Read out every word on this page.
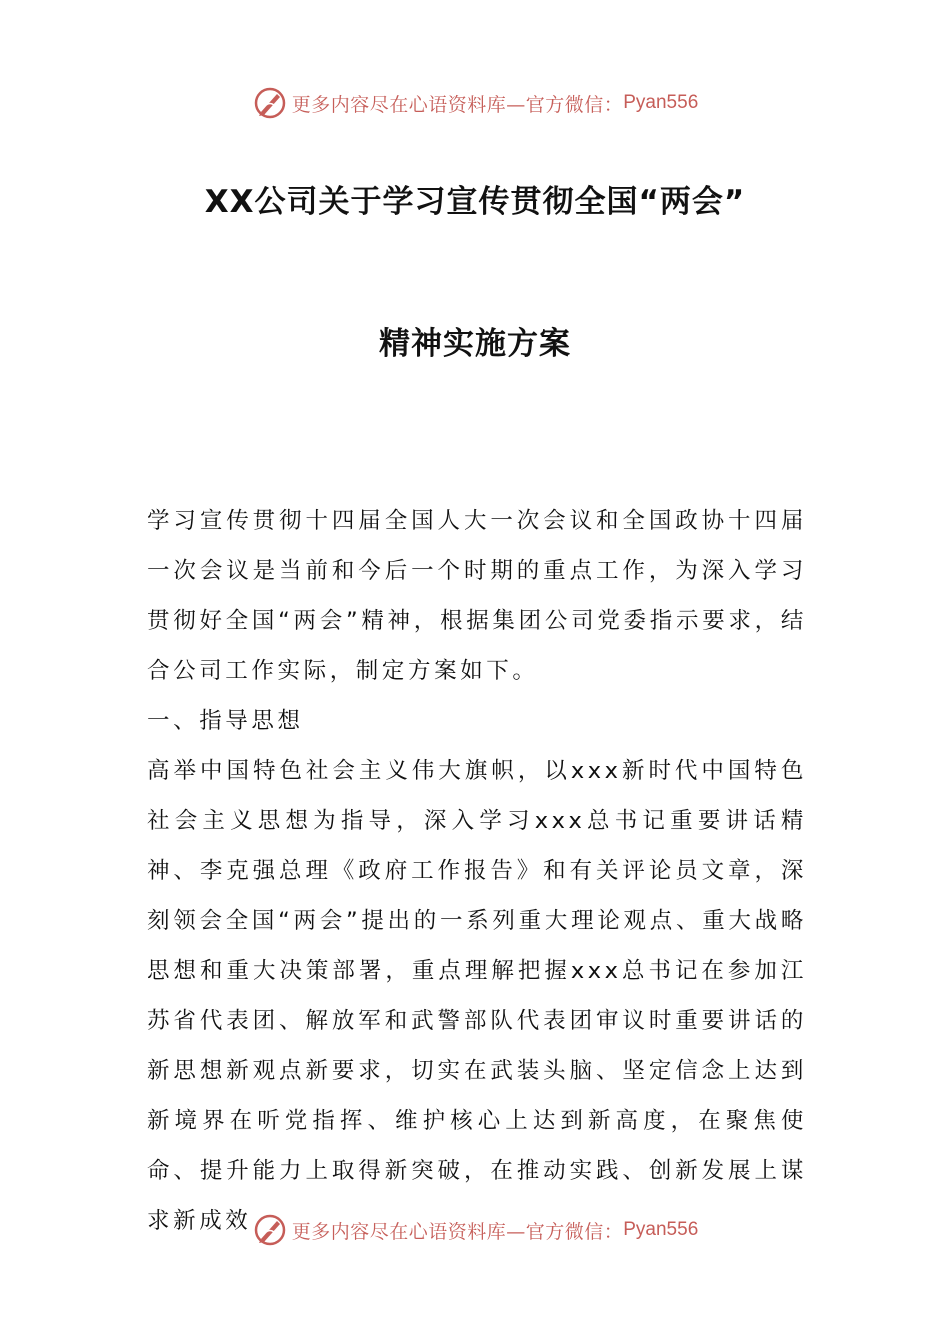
更多内容尽在心语资料库—官方微信： Pyan556
XX公司关于学习宣传贯彻全国“两会”
精神实施方案

学习宣传贯彻十四届全国人大一次会议和全国政协十四届一次会议是当前和今后一个时期的重点工作，为深入学习贯彻好全国“两会”精神，根据集团公司党委指示要求，结合公司工作实际，制定方案如下。

一、指导思想

高举中国特色社会主义伟大旗帜，以xxx新时代中国特色社会主义思想为指导，深入学习xxx总书记重要讲话精神、李克强总理《政府工作报告》和有关评论员文章，深刻领会全国“两会”提出的一系列重大理论观点、重大战略思想和重大决策部署，重点理解把握xxx总书记在参加江苏省代表团、解放军和武警部队代表团审议时重要讲话的新思想新观点新要求，切实在武装头脑、坚定信念上达到新境界在听党指挥、维护核心上达到新高度，在聚焦使命、提升能力上取得新突破，在推动实践、创新发展上谋求新成效	更多内容尽在心语资料库—官方微信： Pyan556
